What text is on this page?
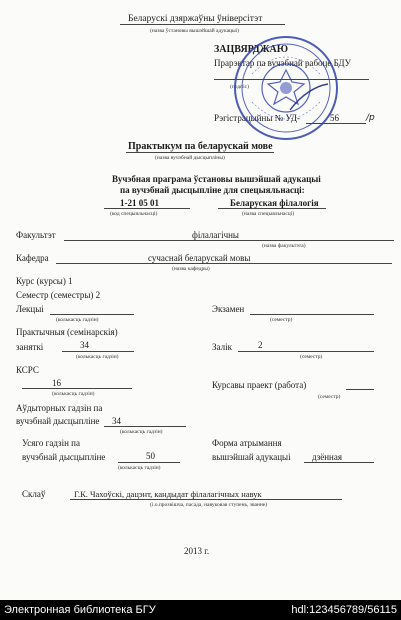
Беларускі дзяржаўны ўніверсітэт
(назва ўстановы вышэйшай адукацыі)
ЗАЦВЯРДЖАЮ
Прарэктар па вучэбнай рабоце БДУ
(подпіс)
Рэгістрацыйны № УД-	56	/р
Практыкум па беларускай мове
(назва вучэбнай дысцыпліны)
Вучэбная праграма ўстановы вышэйшай адукацыі
па вучэбнай дысцыпліне для спецыяльнасці:
1-21 05 01
(код спецыяльнасці)
Беларуская філалогія
(назва спецыяльнасці)
Факультэт	філалагічны
(назва факультэта)
Кафедра	сучаснай беларускай мовы
(назва кафедры)
Курс (курсы) 1
Семестр (семестры) 2
Лекцыі
(колькасць гадзін)
Экзамен
(семестр)
Практычныя (семінарскія)
заняткі	34
(колькасць гадзін)
Залік	2
(семестр)
КСРС
16
(колькасць гадзін)
Курсавы праект (работа)
(семестр)
Аўдыторных гадзін па
вучэбнай дысцыпліне 34
(колькасць гадзін)
Усяго гадзін па
вучэбнай дысцыпліне	50
(колькасць гадзін)
Форма атрымання
вышэйшай адукацыі дзённая
Склаў	Г.К. Чахоўскі, дацэнт, кандыдат філалагічных навук
(і.о.прозвішча, пасада, навуковая ступень, званне)
2013 г.
Электронная библиотека БГУ	hdl:123456789/56115
